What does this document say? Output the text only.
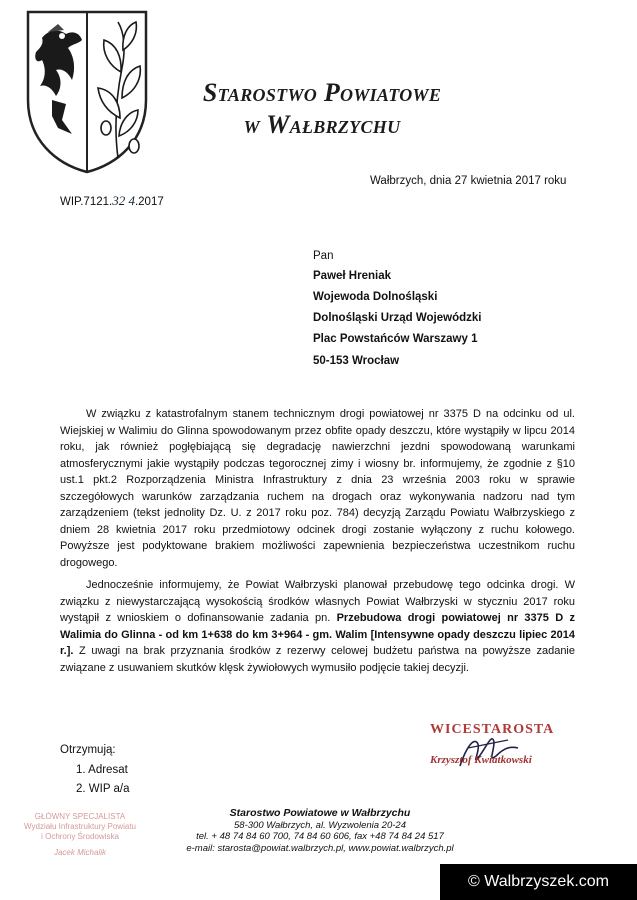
Starostwo Powiatowe
w Wałbrzychu
Wałbrzych, dnia 27 kwietnia 2017 roku
WIP.7121.32 4.2017
Pan
Paweł Hreniak
Wojewoda Dolnośląski
Dolnośląski Urząd Wojewódzki
Plac Powstańców Warszawy 1
50-153 Wrocław

W związku z katastrofalnym stanem technicznym drogi powiatowej nr 3375 D na odcinku od ul. Wiejskiej w Walimiu do Glinna spowodowanym przez obfite opady deszczu, które wystąpiły w lipcu 2014 roku, jak również pogłębiającą się degradację nawierzchni jezdni spowodowaną warunkami atmosferycznymi jakie wystąpiły podczas tegorocznej zimy i wiosny br. informujemy, że zgodnie z §10 ust.1 pkt.2 Rozporządzenia Ministra Infrastruktury z dnia 23 września 2003 roku w sprawie szczegółowych warunków zarządzania ruchem na drogach oraz wykonywania nadzoru nad tym zarządzeniem (tekst jednolity Dz. U. z 2017 roku poz. 784) decyzją Zarządu Powiatu Wałbrzyskiego z dniem 28 kwietnia 2017 roku przedmiotowy odcinek drogi zostanie wyłączony z ruchu kołowego. Powyższe jest podyktowane brakiem możliwości zapewnienia bezpieczeństwa uczestnikom ruchu drogowego.

Jednocześnie informujemy, że Powiat Wałbrzyski planował przebudowę tego odcinka drogi. W związku z niewystarczającą wysokością środków własnych Powiat Wałbrzyski w styczniu 2017 roku wystąpił z wnioskiem o dofinansowanie zadania pn. Przebudowa drogi powiatowej nr 3375 D z Walimia do Glinna - od km 1+638 do km 3+964 - gm. Walim [Intensywne opady deszczu lipiec 2014 r.]. Z uwagi na brak przyznania środków z rezerwy celowej budżetu państwa na powyższe zadanie związane z usuwaniem skutków klęsk żywiołowych wymusiło podjęcie takiej decyzji.

WICESTAROSTA
Krzysztof Kwiatkowski
Otrzymują:
1. Adresat
2. WIP a/a
GŁÓWNY SPECJALISTA
Wydziału Infrastruktury Powiatu
i Ochrony Środowiska
Jacek Michalik
Starostwo Powiatowe w Wałbrzychu
58-300 Wałbrzych, al. Wyzwolenia 20-24
tel. + 48 74 84 60 700, 74 84 60 606, fax +48 74 84 24 517
e-mail: starosta@powiat.walbrzych.pl, www.powiat.walbrzych.pl
© Walbrzyszek.com
